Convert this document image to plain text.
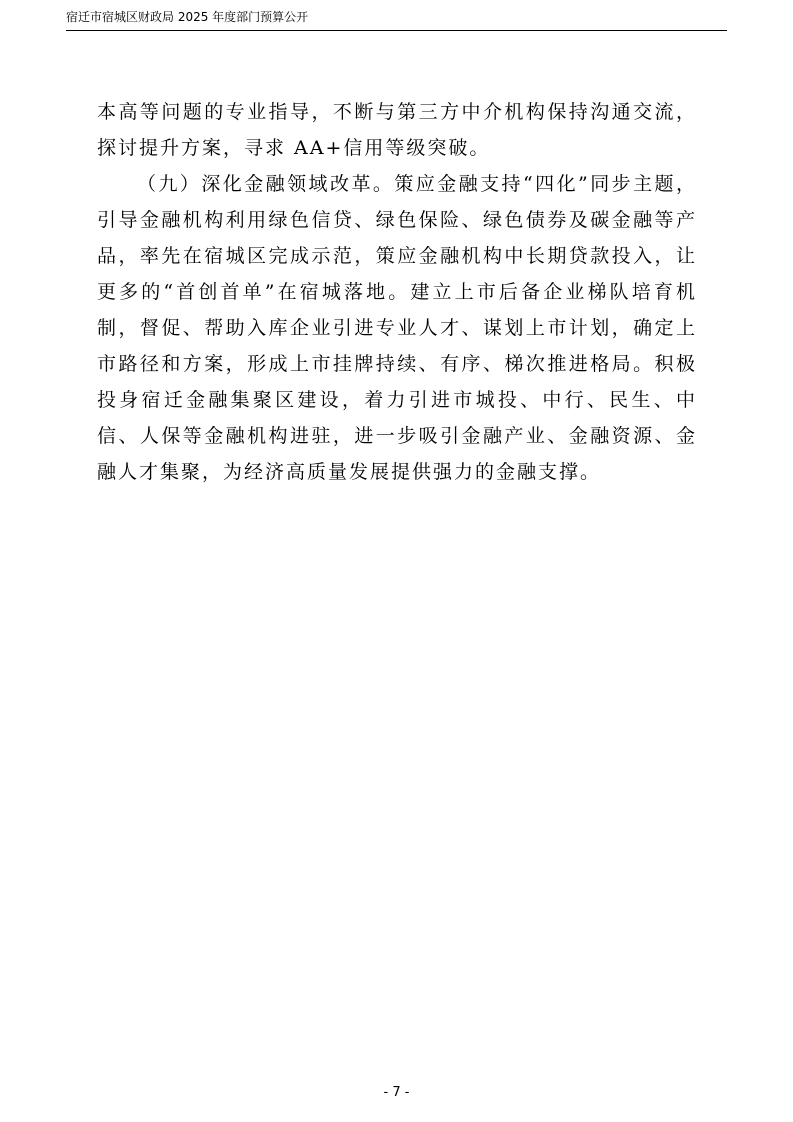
宿迁市宿城区财政局 2025 年度部门预算公开

本高等问题的专业指导，不断与第三方中介机构保持沟通交流，探讨提升方案，寻求 AA+信用等级突破。

（九）深化金融领域改革。策应金融支持“四化”同步主题，引导金融机构利用绿色信贷、绿色保险、绿色债券及碳金融等产品，率先在宿城区完成示范，策应金融机构中长期贷款投入，让更多的“首创首单”在宿城落地。建立上市后备企业梯队培育机制，督促、帮助入库企业引进专业人才、谋划上市计划，确定上市路径和方案，形成上市挂牌持续、有序、梯次推进格局。积极投身宿迁金融集聚区建设，着力引进市城投、中行、民生、中信、人保等金融机构进驻，进一步吸引金融产业、金融资源、金融人才集聚，为经济高质量发展提供强力的金融支撑。

- 7 -
